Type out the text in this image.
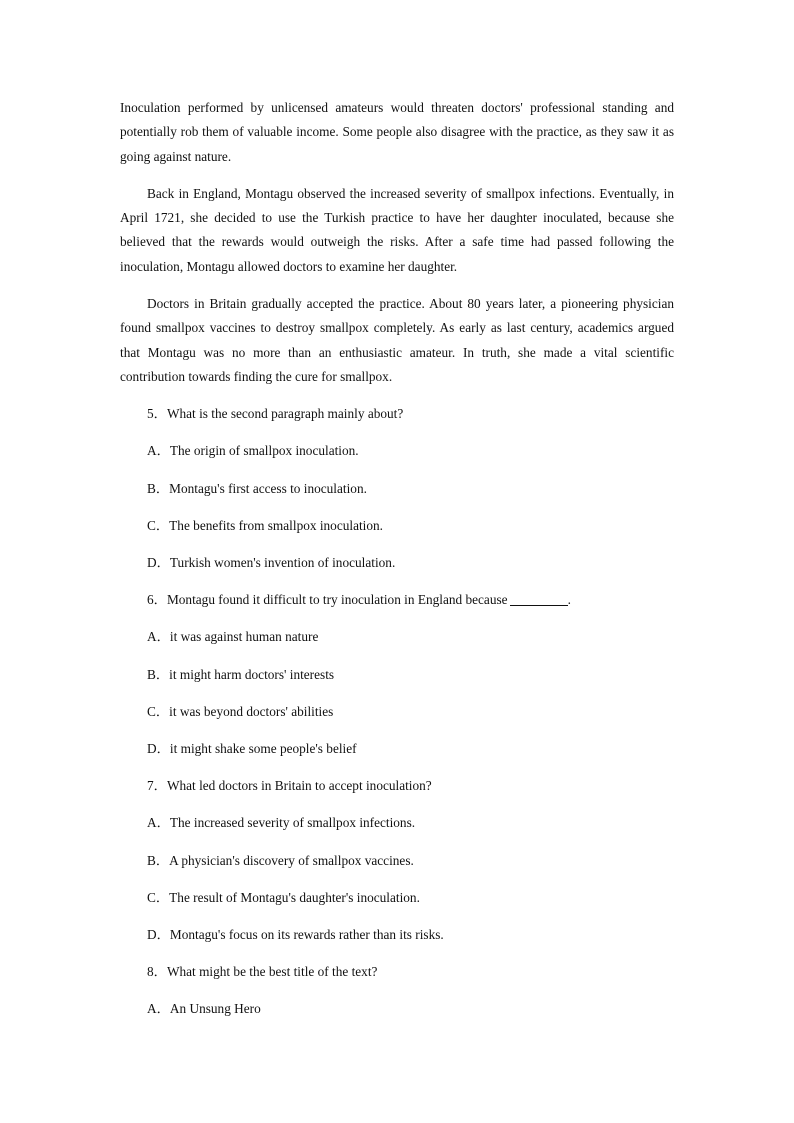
Inoculation performed by unlicensed amateurs would threaten doctors' professional standing and potentially rob them of valuable income. Some people also disagree with the practice, as they saw it as going against nature.

Back in England, Montagu observed the increased severity of smallpox infections. Eventually, in April 1721, she decided to use the Turkish practice to have her daughter inoculated, because she believed that the rewards would outweigh the risks. After a safe time had passed following the inoculation, Montagu allowed doctors to examine her daughter.

Doctors in Britain gradually accepted the practice. About 80 years later, a pioneering physician found smallpox vaccines to destroy smallpox completely. As early as last century, academics argued that Montagu was no more than an enthusiastic amateur. In truth, she made a vital scientific contribution towards finding the cure for smallpox.

5．What is the second paragraph mainly about?
A．The origin of smallpox inoculation.
B．Montagu's first access to inoculation.
C．The benefits from smallpox inoculation.
D．Turkish women's invention of inoculation.
6．Montagu found it difficult to try inoculation in England because	.
A．it was against human nature
B．it might harm doctors' interests
C．it was beyond doctors' abilities
D．it might shake some people's belief
7．What led doctors in Britain to accept inoculation?
A．The increased severity of smallpox infections.
B．A physician's discovery of smallpox vaccines.
C．The result of Montagu's daughter's inoculation.
D．Montagu's focus on its rewards rather than its risks.
8．What might be the best title of the text?
A．An Unsung Hero
